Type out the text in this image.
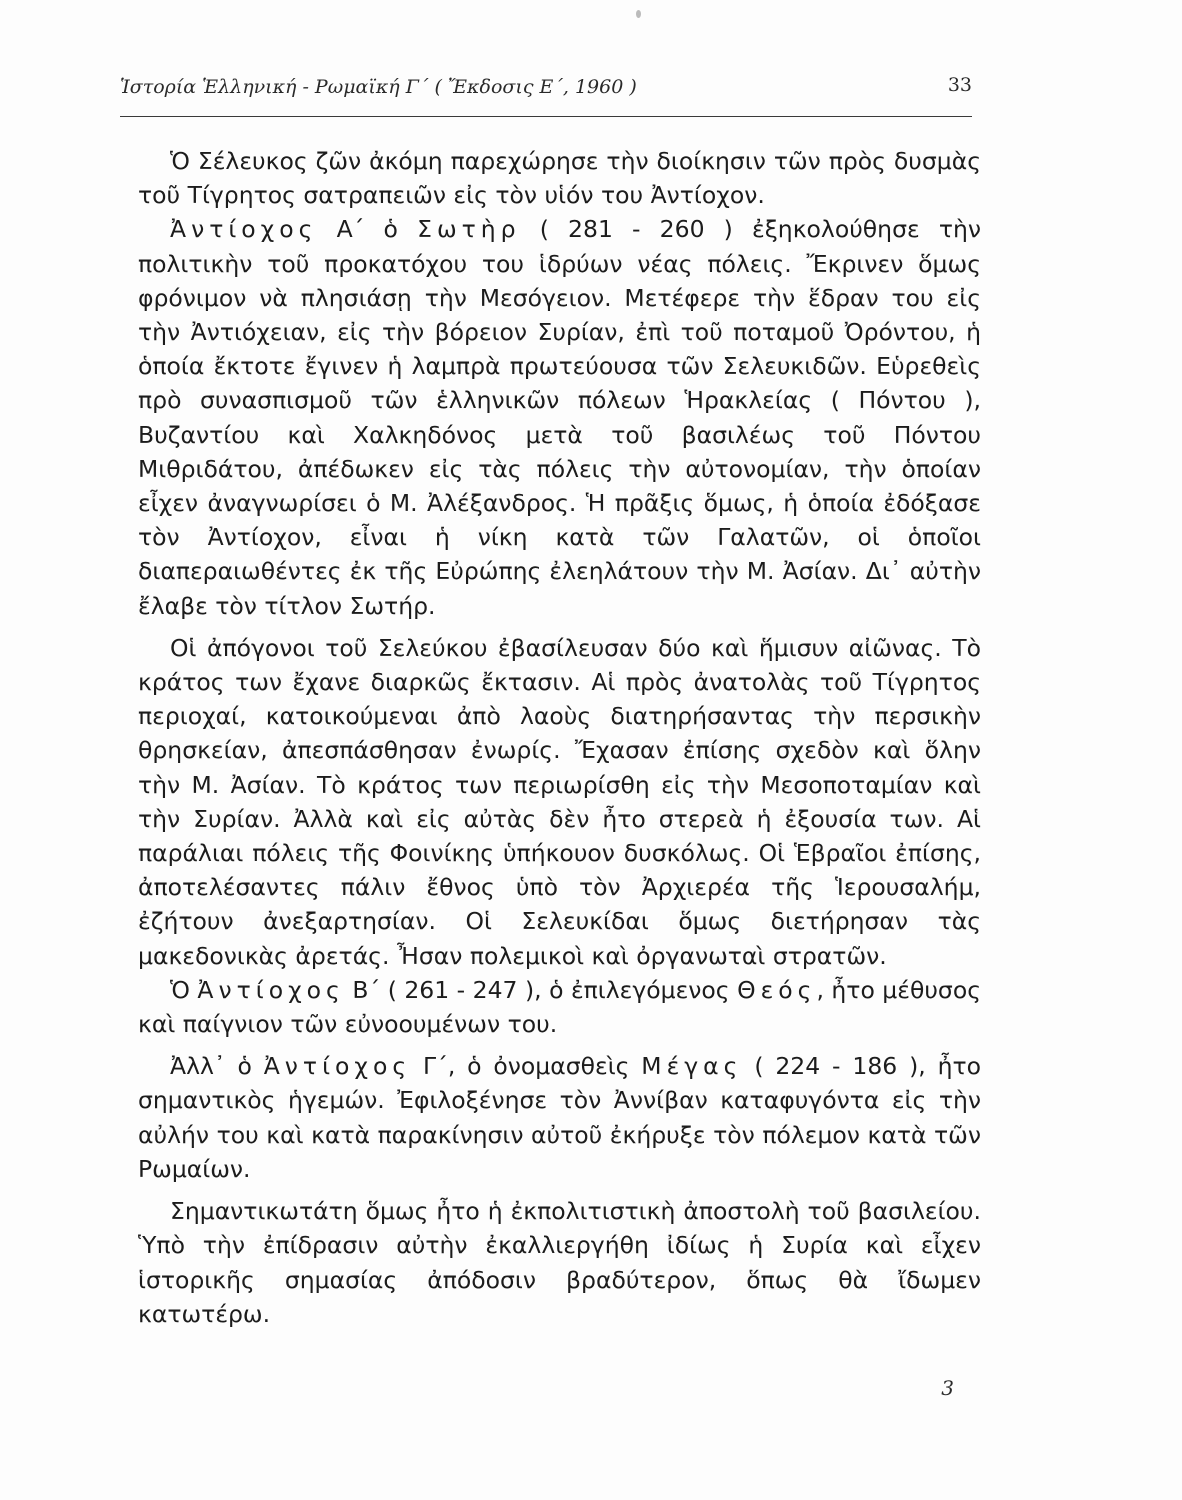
Ἱστορία Ἑλληνική - Ρωμαϊκή Γ΄ ( Ἔκδοσις Ε΄, 1960 )	33

Ὁ Σέλευκος ζῶν ἀκόμη παρεχώρησε τὴν διοίκησιν τῶν πρὸς δυσμὰς τοῦ Τίγρητος σατραπειῶν εἰς τὸν υἱόν του Ἀντίοχον.

Ἀντίοχος Α΄ ὁ Σωτὴρ ( 281 - 260 ) ἐξηκολούθησε τὴν πολιτικὴν τοῦ προκατόχου του ἱδρύων νέας πόλεις. Ἔκρινεν ὅμως φρόνιμον νὰ πλησιάσῃ τὴν Μεσόγειον. Μετέφερε τὴν ἕδραν του εἰς τὴν Ἀντιόχειαν, εἰς τὴν βόρειον Συρίαν, ἐπὶ τοῦ ποταμοῦ Ὀρόντου, ἡ ὁποία ἔκτοτε ἔγινεν ἡ λαμπρὰ πρωτεύουσα τῶν Σελευκιδῶν. Εὑρεθεὶς πρὸ συνασπισμοῦ τῶν ἑλληνικῶν πόλεων Ἡρακλείας ( Πόντου ), Βυζαντίου καὶ Χαλκηδόνος μετὰ τοῦ βασιλέως τοῦ Πόντου Μιθριδάτου, ἀπέδωκεν εἰς τὰς πόλεις τὴν αὐτονομίαν, τὴν ὁποίαν εἶχεν ἀναγνωρίσει ὁ Μ. Ἀλέξανδρος. Ἡ πρᾶξις ὅμως, ἡ ὁποία ἐδόξασε τὸν Ἀντίοχον, εἶναι ἡ νίκη κατὰ τῶν Γαλατῶν, οἱ ὁποῖοι διαπεραιωθέντες ἐκ τῆς Εὐρώπης ἐλεηλάτουν τὴν Μ. Ἀσίαν. Δι᾿ αὐτὴν ἔλαβε τὸν τίτλον Σωτήρ.

Οἱ ἀπόγονοι τοῦ Σελεύκου ἐβασίλευσαν δύο καὶ ἥμισυν αἰῶνας. Τὸ κράτος των ἔχανε διαρκῶς ἔκτασιν. Αἱ πρὸς ἀνατολὰς τοῦ Τίγρητος περιοχαί, κατοικούμεναι ἀπὸ λαοὺς διατηρήσαντας τὴν περσικὴν θρησκείαν, ἀπεσπάσθησαν ἐνωρίς. Ἔχασαν ἐπίσης σχεδὸν καὶ ὅλην τὴν Μ. Ἀσίαν. Τὸ κράτος των περιωρίσθη εἰς τὴν Μεσοποταμίαν καὶ τὴν Συρίαν. Ἀλλὰ καὶ εἰς αὐτὰς δὲν ἦτο στερεὰ ἡ ἐξουσία των. Αἱ παράλιαι πόλεις τῆς Φοινίκης ὑπήκουον δυσκόλως. Οἱ Ἑβραῖοι ἐπίσης, ἀποτελέσαντες πάλιν ἔθνος ὑπὸ τὸν Ἀρχιερέα τῆς Ἱερουσαλήμ, ἐζήτουν ἀνεξαρτησίαν. Οἱ Σελευκίδαι ὅμως διετήρησαν τὰς μακεδονικὰς ἀρετάς. Ἦσαν πολεμικοὶ καὶ ὀργανωταὶ στρατῶν.

Ὁ Ἀντίοχος Β΄ ( 261 - 247 ), ὁ ἐπιλεγόμενος Θεός, ἦτο μέθυσος καὶ παίγνιον τῶν εὐνοουμένων του.

Ἀλλ᾿ ὁ Ἀντίοχος Γ΄, ὁ ὀνομασθεὶς Μέγας ( 224 - 186 ), ἦτο σημαντικὸς ἡγεμών. Ἐφιλοξένησε τὸν Ἀννίβαν καταφυγόντα εἰς τὴν αὐλήν του καὶ κατὰ παρακίνησιν αὐτοῦ ἐκήρυξε τὸν πόλεμον κατὰ τῶν Ρωμαίων.

Σημαντικωτάτη ὅμως ἦτο ἡ ἐκπολιτιστικὴ ἀποστολὴ τοῦ βασιλείου. Ὑπὸ τὴν ἐπίδρασιν αὐτὴν ἐκαλλιεργήθη ἰδίως ἡ Συρία καὶ εἶχεν ἱστορικῆς σημασίας ἀπόδοσιν βραδύτερον, ὅπως θὰ ἴδωμεν κατωτέρω.

3
